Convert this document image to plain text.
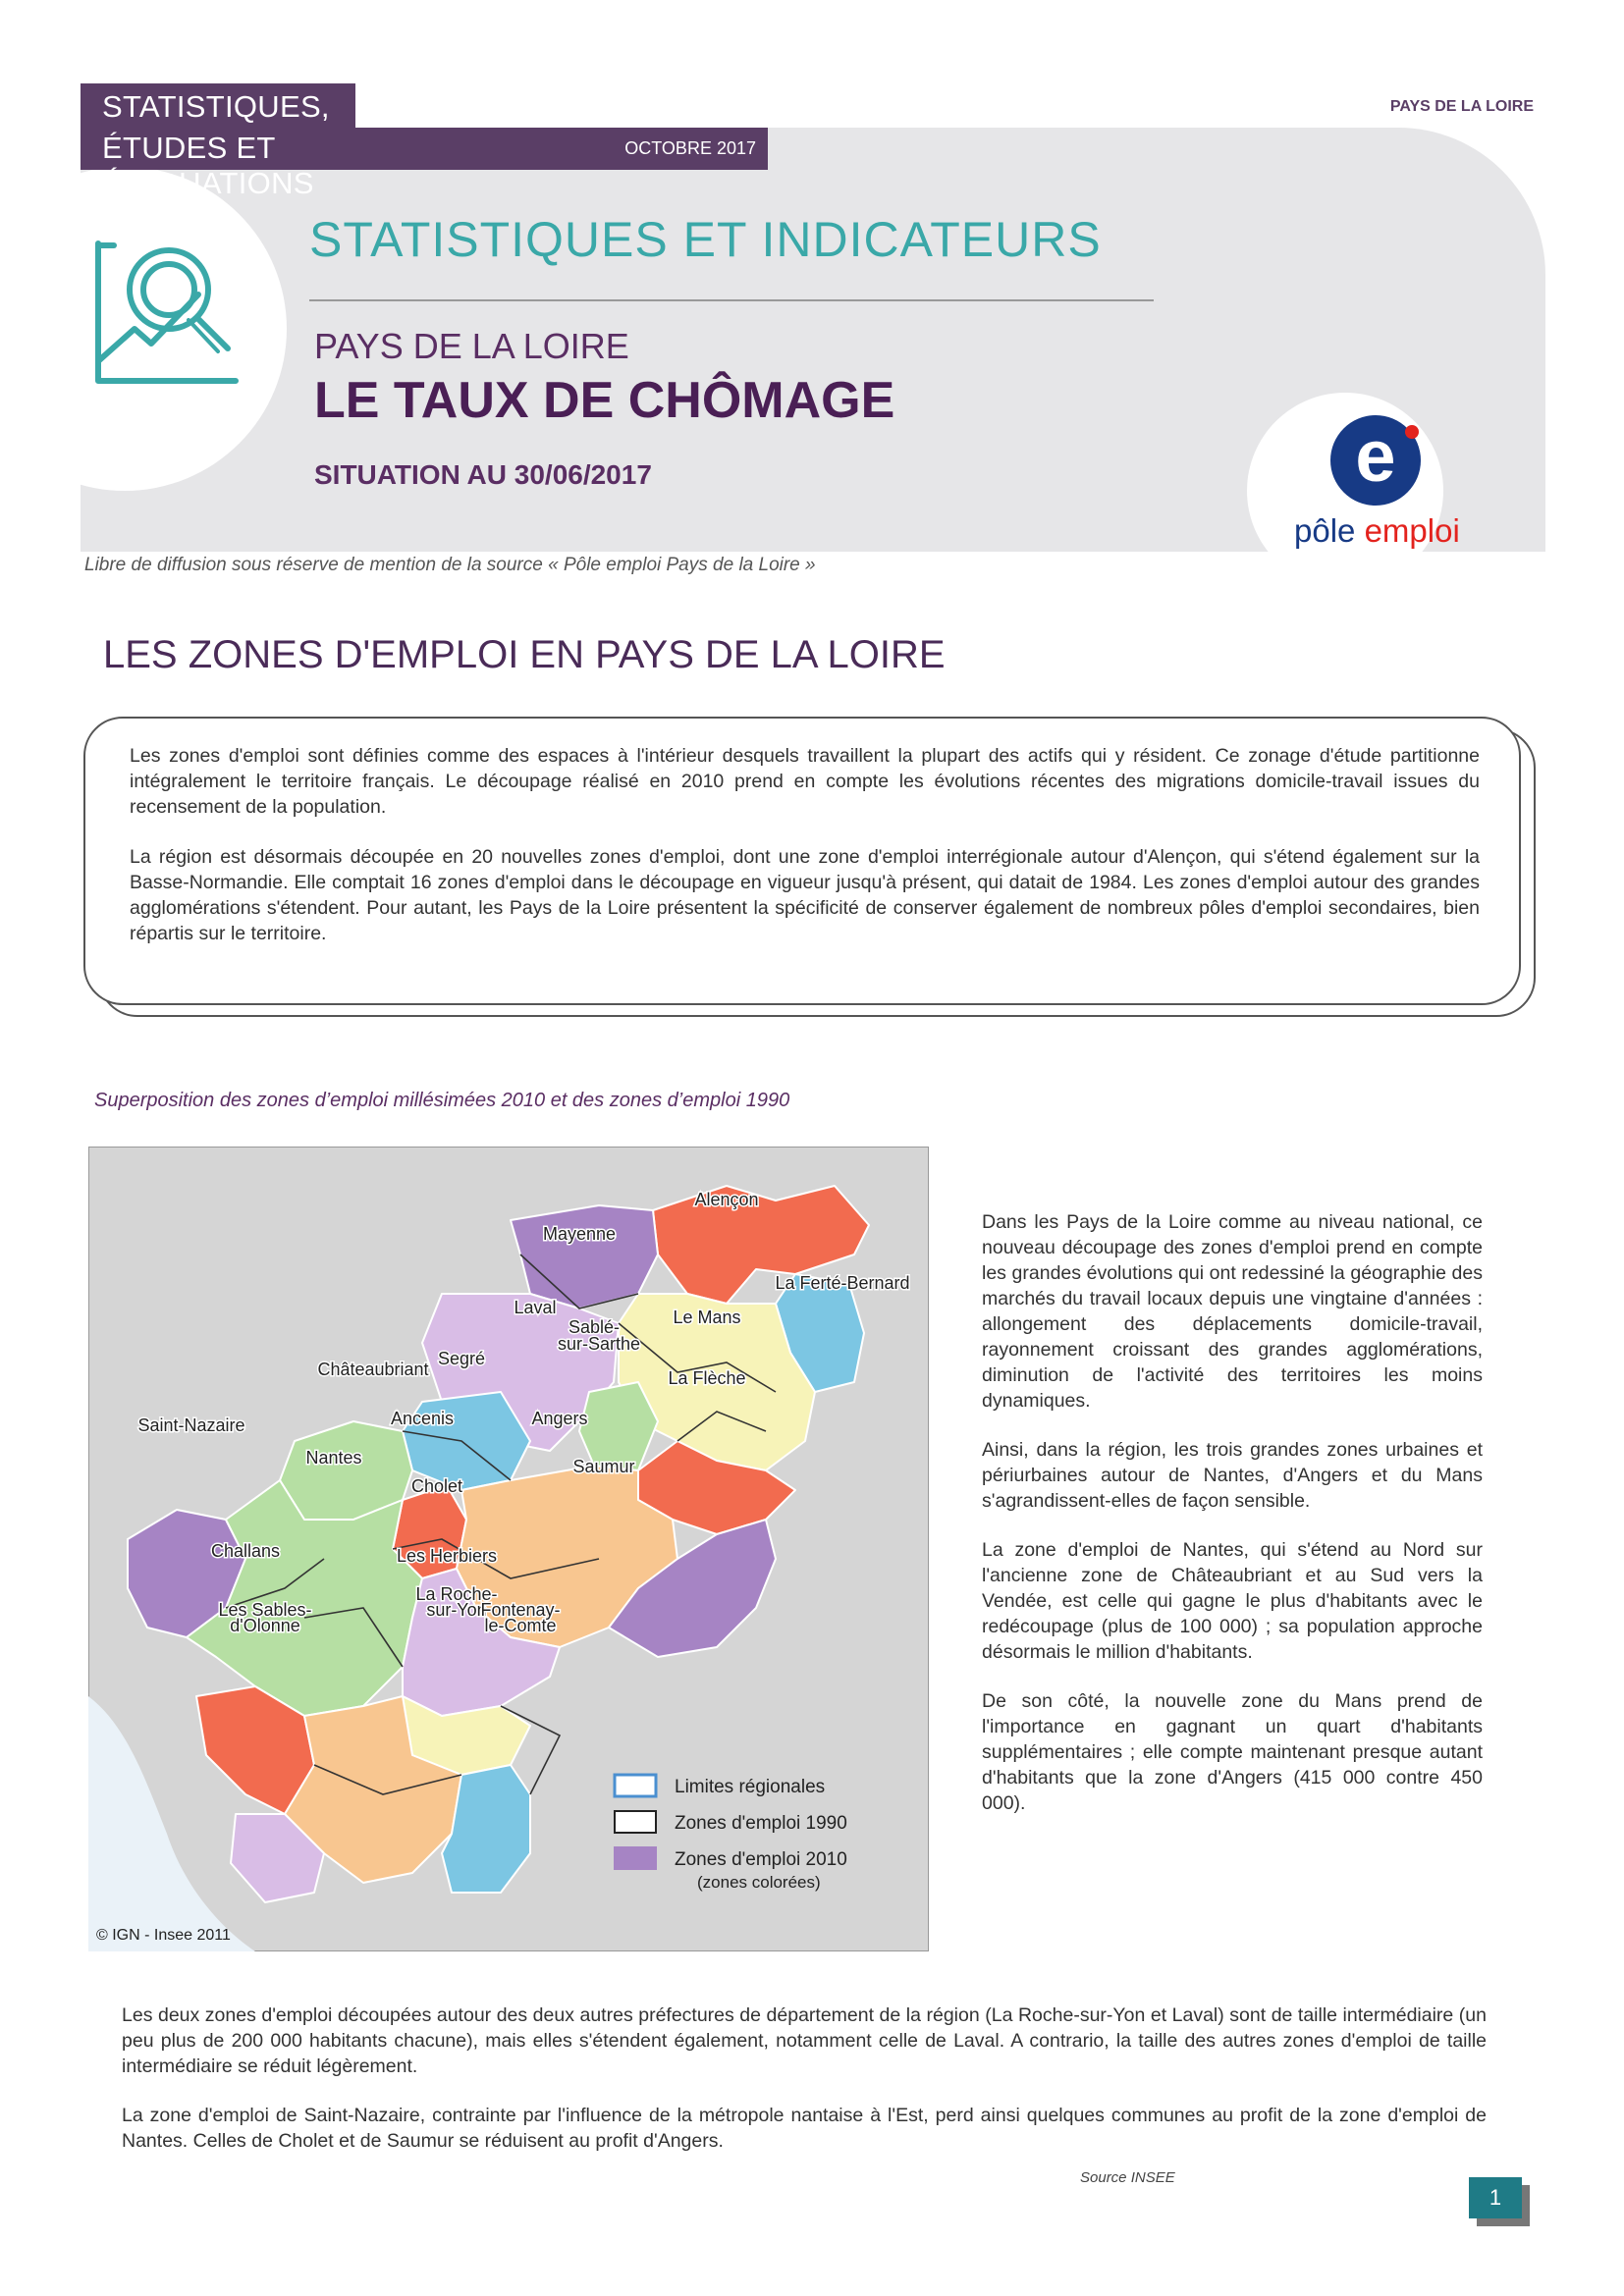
OCTOBRE 2017
STATISTIQUES,
ÉTUDES ET ÉVALUATIONS
PAYS DE LA LOIRE
STATISTIQUES ET INDICATEURS
PAYS DE LA LOIRE
LE TAUX DE CHÔMAGE
SITUATION AU 30/06/2017	e
pôle emploi
Libre de diffusion sous réserve de mention de la source « Pôle emploi Pays de la Loire »
LES ZONES D'EMPLOI EN PAYS DE LA LOIRE

Les zones d'emploi sont définies comme des espaces à l'intérieur desquels travaillent la plupart des actifs qui y résident. Ce zonage d'étude partitionne intégralement le territoire français. Le découpage réalisé en 2010 prend en compte les évolutions récentes des migrations domicile-travail issues du recensement de la population.

La région est désormais découpée en 20 nouvelles zones d'emploi, dont une zone d'emploi interrégionale autour d'Alençon, qui s'étend également sur la Basse-Normandie. Elle comptait 16 zones d'emploi dans le découpage en vigueur jusqu'à présent, qui datait de 1984. Les zones d'emploi autour des grandes agglomérations s'étendent. Pour autant, les Pays de la Loire présentent la spécificité de conserver également de nombreux pôles d'emploi secondaires, bien répartis sur le territoire.

Superposition des zones d’emploi millésimées 2010 et des zones d’emploi 1990
Alençon
Mayenne
La Ferté-Bernard
Laval	Le Mans
Sablé-
sur-Sarthe
Segré
Châteaubriant	La Flèche
Ancenis	Angers
Saint-Nazaire
Nantes	Saumur
Cholet
Challans	Les Herbiers
La Roche-
sur-Yon
Les Sables-
d'Olonne
Fontenay-
le-Comte
Limites régionales
Zones d'emploi 1990
Zones d'emploi 2010
(zones colorées)
© IGN - Insee 2011

Dans les Pays de la Loire comme au niveau national, ce nouveau découpage des zones d'emploi prend en compte les grandes évolutions qui ont redessiné la géographie des marchés du travail locaux depuis une vingtaine d'années : allongement des déplacements domicile-travail, rayonnement croissant des grandes agglomérations, diminution de l'activité des territoires les moins dynamiques.

Ainsi, dans la région, les trois grandes zones urbaines et périurbaines autour de Nantes, d'Angers et du Mans s'agrandissent-elles de façon sensible.

La zone d'emploi de Nantes, qui s'étend au Nord sur l'ancienne zone de Châteaubriant et au Sud vers la Vendée, est celle qui gagne le plus d'habitants avec le redécoupage (plus de 100 000) ; sa population approche désormais le million d'habitants.

De son côté, la nouvelle zone du Mans prend de l'importance en gagnant un quart d'habitants supplémentaires ; elle compte maintenant presque autant d'habitants que la zone d'Angers (415 000 contre 450 000).

Les deux zones d'emploi découpées autour des deux autres préfectures de département de la région (La Roche-sur-Yon et Laval) sont de taille intermédiaire (un peu plus de 200 000 habitants chacune), mais elles s'étendent également, notamment celle de Laval. A contrario, la taille des autres zones d'emploi de taille intermédiaire se réduit légèrement.

La zone d'emploi de Saint-Nazaire, contrainte par l'influence de la métropole nantaise à l'Est, perd ainsi quelques communes au profit de la zone d'emploi de Nantes. Celles de Cholet et de Saumur se réduisent au profit d'Angers.

Source INSEE
1
